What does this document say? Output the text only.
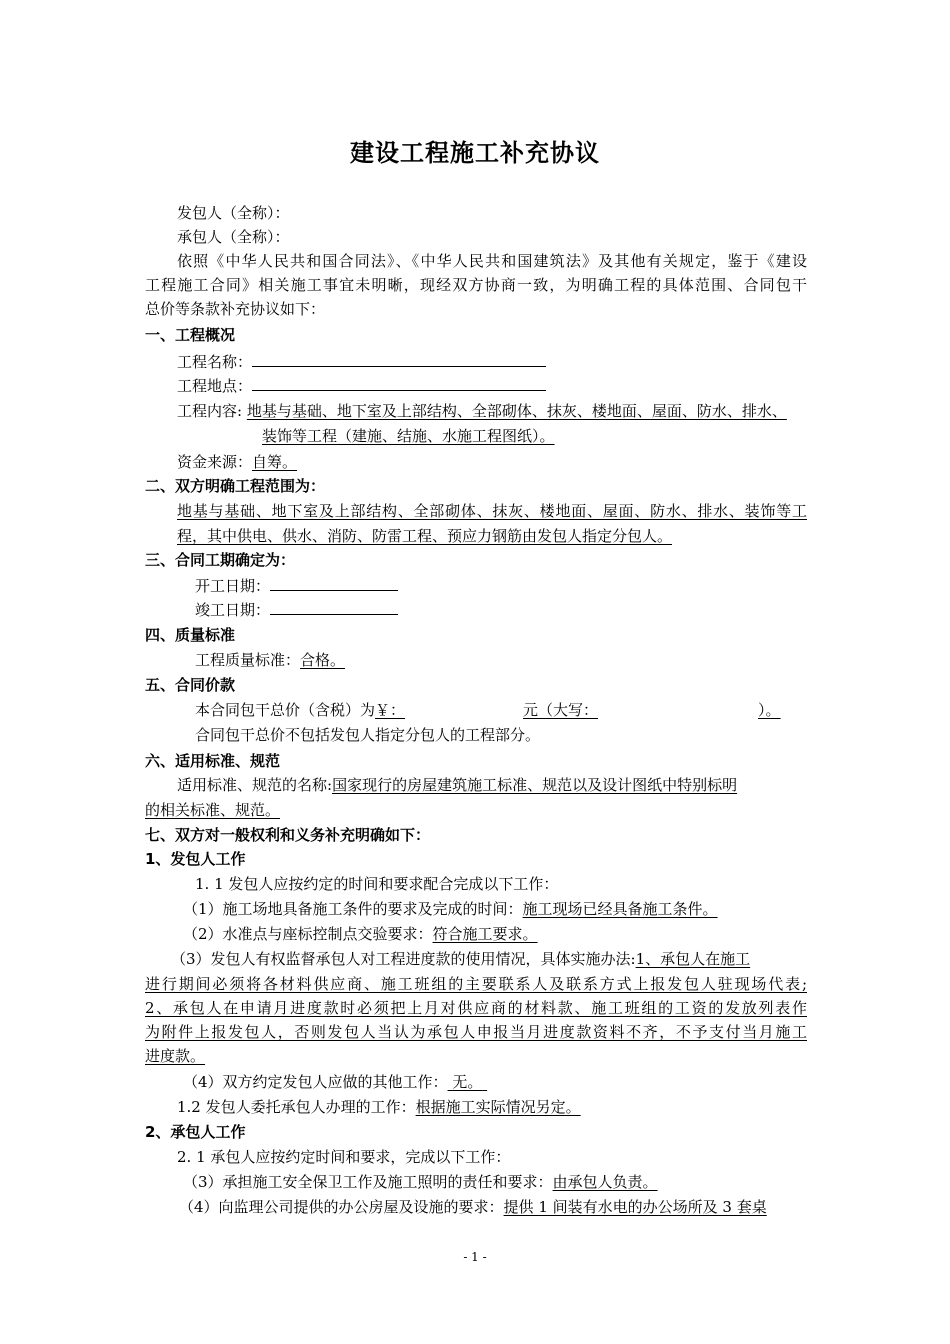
建设工程施工补充协议
发包人（全称）：
承包人（全称）：
依照《中华人民共和国合同法》、《中华人民共和国建筑法》及其他有关规定，鉴于《建设
工程施工合同》相关施工事宜未明晰，现经双方协商一致，为明确工程的具体范围、合同包干
总价等条款补充协议如下：
一、工程概况
工程名称：
工程地点：
工程内容: 地基与基础、地下室及上部结构、全部砌体、抹灰、楼地面、屋面、防水、排水、
装饰等工程（建施、结施、水施工程图纸）。
资金来源：自筹。
二、双方明确工程范围为：
地基与基础、地下室及上部结构、全部砌体、抹灰、楼地面、屋面、防水、排水、装饰等工
程，其中供电、供水、消防、防雷工程、预应力钢筋由发包人指定分包人。
三、合同工期确定为：
开工日期：
竣工日期：
四、质量标准
工程质量标准：合格。
五、合同价款
本合同包干总价（含税）为￥：	元（大写：	）。
合同包干总价不包括发包人指定分包人的工程部分。
六、适用标准、规范
适用标准、规范的名称:国家现行的房屋建筑施工标准、规范以及设计图纸中特别标明
的相关标准、规范。
七、双方对一般权利和义务补充明确如下：
1、发包人工作
1. 1 发包人应按约定的时间和要求配合完成以下工作：
（1）施工场地具备施工条件的要求及完成的时间：施工现场已经具备施工条件。
（2）水准点与座标控制点交验要求：符合施工要求。
（3）发包人有权监督承包人对工程进度款的使用情况，具体实施办法:1、承包人在施工
进行期间必须将各材料供应商、施工班组的主要联系人及联系方式上报发包人驻现场代表;
2、承包人在申请月进度款时必须把上月对供应商的材料款、施工班组的工资的发放列表作
为附件上报发包人，否则发包人当认为承包人申报当月进度款资料不齐，不予支付当月施工
进度款。
（4）双方约定发包人应做的其他工作： 无。
1.2 发包人委托承包人办理的工作：根据施工实际情况另定。
2、承包人工作
2. 1 承包人应按约定时间和要求，完成以下工作：
（3）承担施工安全保卫工作及施工照明的责任和要求：由承包人负责。
（4）向监理公司提供的办公房屋及设施的要求：提供 1 间装有水电的办公场所及 3 套桌
- 1 -
